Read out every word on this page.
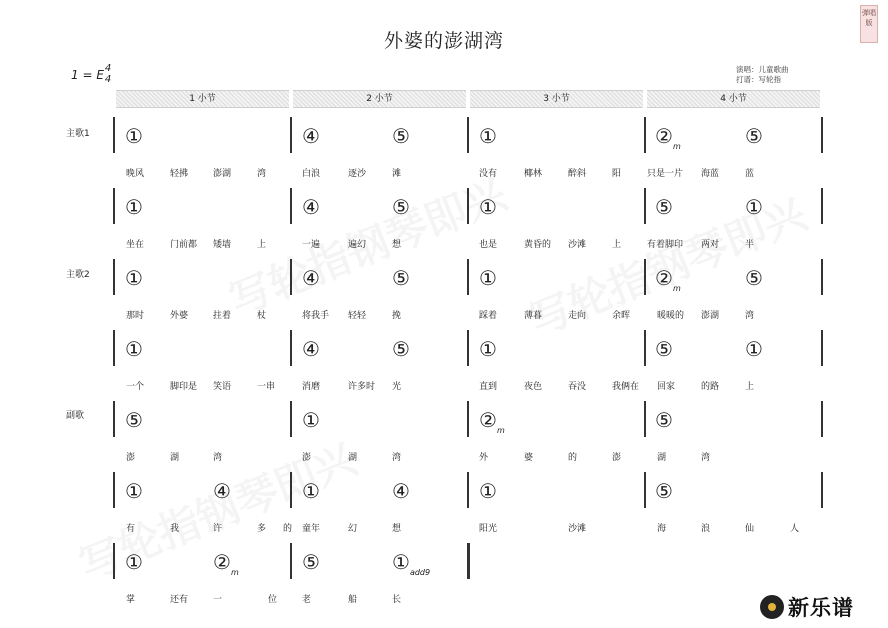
外婆的澎湖湾
弹唱版
1 = E 4
4
演唱：儿童歌曲
打谱：写轮指
1 小节	2 小节	3 小节	4 小节
主歌1
主歌2
副歌
①	④	⑤	①	$②_m$	⑤
晚风	轻拂	澎湖	湾	白浪	逐沙	滩	没有	椰林	醉斜	阳	只是一片 海蓝	蓝
①	④	⑤	①	⑤	①
坐在	门前都 矮墙	上	一遍	遍幻	想	也是	黄昏的 沙滩	上	有着脚印 两对	半
①	④	⑤	①	$②_m$	⑤
那时	外婆	拄着	杖	将我手 轻轻	挽	踩着	薄暮	走向	余晖	暖暖的 澎湖	湾
①	④	⑤	①	⑤	①
一个	脚印是 笑语	一串	消磨	许多时 光	直到	夜色	吞没	我俩在 回家	的路	上
⑤	①	$②_m$	⑤
澎	湖	湾	澎	湖	湾	外	婆	的	澎	湖	湾
①	④	①	④	①	⑤
有	我	许	多 的 童年	幻	想	阳光	沙滩	海	浪	仙	人
①	$②_m$	⑤	$①_{add9}$
掌	还有	一	位	老	船	长	新乐谱
